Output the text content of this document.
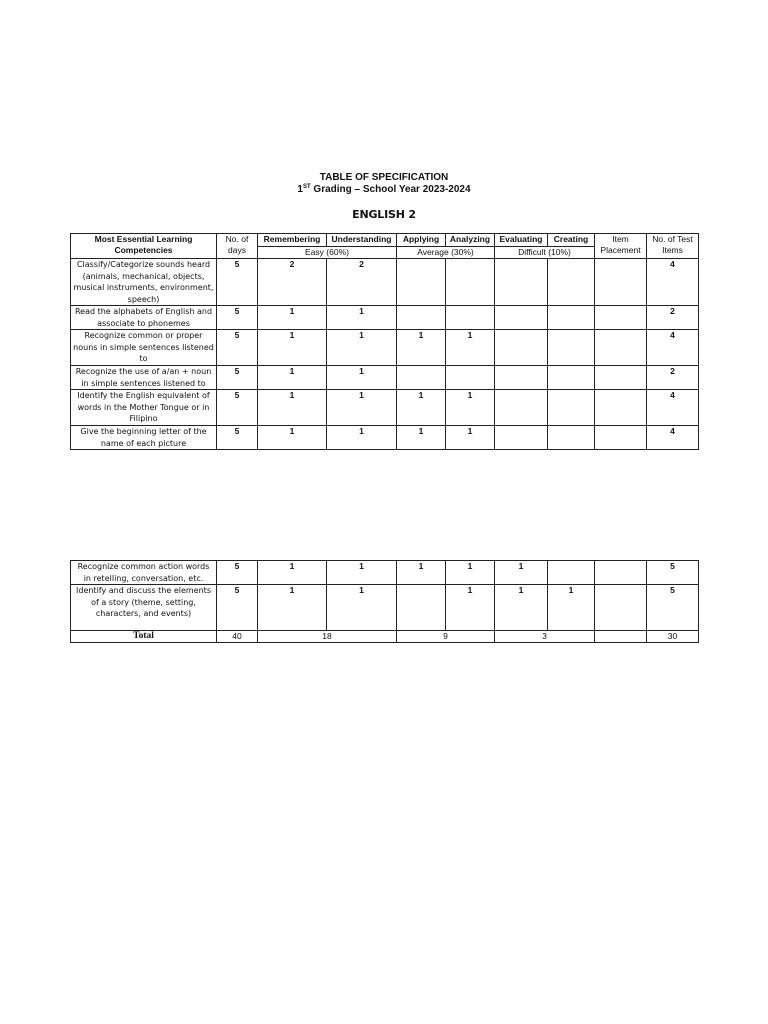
TABLE OF SPECIFICATION
1ST Grading – School Year 2023-2024
ENGLISH 2
Most Essential Learning Competencies	No. of days	Remembering	Understanding	Applying	Analyzing	Evaluating	Creating	Item Placement	No. of Test Items
		Easy (60%)		Average (30%)		Difficult (10%)			
Classify/Categorize sounds heard (animals, mechanical, objects, musical instruments, environment, speech)	5	2	2						4
Read the alphabets of English and associate to phonemes	5	1	1						2
Recognize common or proper nouns in simple sentences listened to	5	1	1	1	1				4
Recognize the use of a/an + noun in simple sentences listened to	5	1	1						2
Identify the English equivalent of words in the Mother Tongue or in Filipino	5	1	1	1	1				4
Give the beginning letter of the name of each picture	5	1	1	1	1				4
Recognize common action words in retelling, conversation, etc.	5	1	1	1	1	1			5
Identify and discuss the elements of a story (theme, setting, characters, and events)	5	1	1		1	1	1		5
Total	40	18		9		3			30
